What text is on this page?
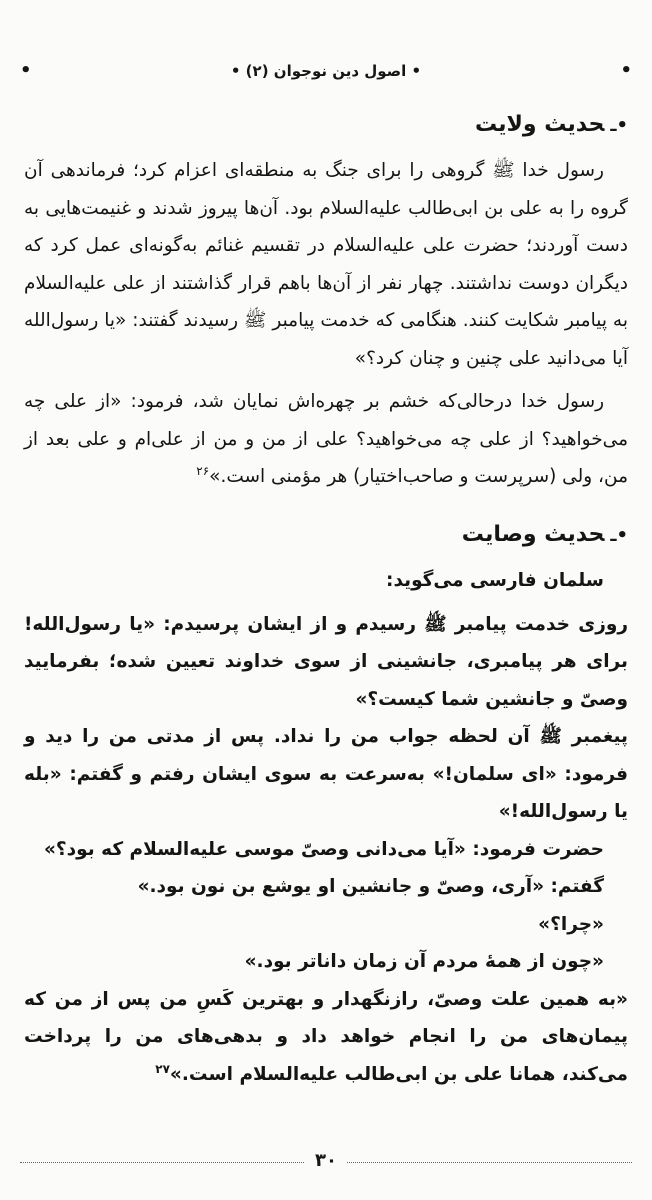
•
• اصول دین نوجوان (۲) •
•
•ـحدیث ولایت

رسول خدا ﷺ گروهی را برای جنگ به منطقه‌ای اعزام کرد؛ فرماندهی آن گروه را به علی بن ابی‌طالب علیه‌السلام بود. آن‌ها پیروز شدند و غنیمت‌هایی به دست آوردند؛ حضرت علی علیه‌السلام در تقسیم غنائم به‌گونه‌ای عمل کرد که دیگران دوست نداشتند. چهار نفر از آن‌ها باهم قرار گذاشتند از علی علیه‌السلام به پیامبر شکایت کنند. هنگامی که خدمت پیامبر ﷺ رسیدند گفتند: «یا رسول‌الله آیا می‌دانید علی چنین و چنان کرد؟»

رسول خدا درحالی‌که خشم بر چهره‌اش نمایان شد، فرمود: «از علی چه می‌خواهید؟ از علی چه می‌خواهید؟ علی از من و من از علی‌ام و علی بعد از من، ولی (سرپرست و صاحب‌اختیار) هر مؤمنی است.»$^{۲۶}$

•ـحدیث وصایت

سلمان فارسی می‌گوید:

روزی خدمت پیامبر ﷺ رسیدم و از ایشان پرسیدم: «یا رسول‌الله! برای هر پیامبری، جانشینی از سوی خداوند تعیین شده؛ بفرمایید وصیّ و جانشین شما کیست؟»

پیغمبر ﷺ آن لحظه جواب من را نداد. پس از مدتی من را دید و فرمود: «ای سلمان!» به‌سرعت به سوی ایشان رفتم و گفتم: «بله یا رسول‌الله!»

حضرت فرمود: «آیا می‌دانی وصیّ موسی علیه‌السلام که بود؟»

گفتم: «آری، وصیّ و جانشین او یوشع بن نون بود.»

«چرا؟»

«چون از همهٔ مردم آن زمان داناتر بود.»

«به همین علت وصیّ، رازنگهدار و بهترین کَسِ من پس از من که پیمان‌های من را انجام خواهد داد و بدهی‌های من را پرداخت می‌کند، همانا علی بن ابی‌طالب علیه‌السلام است.»$^{۲۷}$

۳۰
